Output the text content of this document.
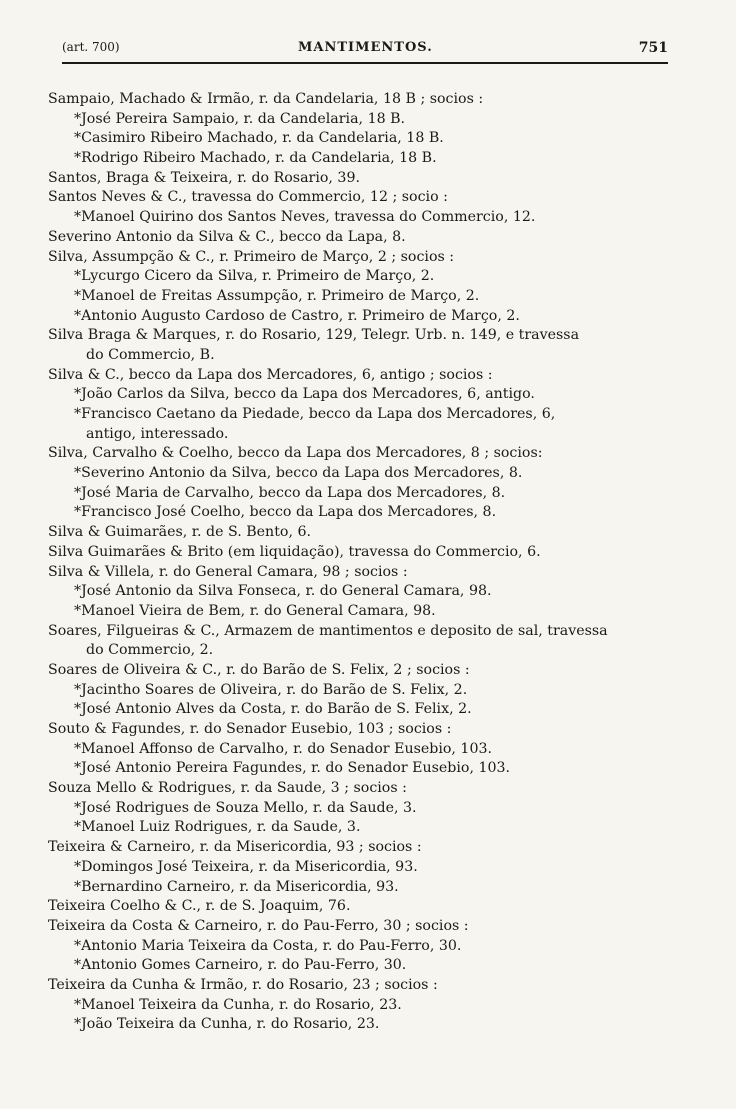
(art. 700)	MANTIMENTOS.	751
Sampaio, Machado & Irmão, r. da Candelaria, 18 B ; socios :
*José Pereira Sampaio, r. da Candelaria, 18 B.
*Casimiro Ribeiro Machado, r. da Candelaria, 18 B.
*Rodrigo Ribeiro Machado, r. da Candelaria, 18 B.
Santos, Braga & Teixeira, r. do Rosario, 39.
Santos Neves & C., travessa do Commercio, 12 ; socio :
*Manoel Quirino dos Santos Neves, travessa do Commercio, 12.
Severino Antonio da Silva & C., becco da Lapa, 8.
Silva, Assumpção & C., r. Primeiro de Março, 2 ; socios :
*Lycurgo Cicero da Silva, r. Primeiro de Março, 2.
*Manoel de Freitas Assumpção, r. Primeiro de Março, 2.
*Antonio Augusto Cardoso de Castro, r. Primeiro de Março, 2.
Silva Braga & Marques, r. do Rosario, 129, Telegr. Urb. n. 149, e travessa
do Commercio, B.
Silva & C., becco da Lapa dos Mercadores, 6, antigo ; socios :
*João Carlos da Silva, becco da Lapa dos Mercadores, 6, antigo.
*Francisco Caetano da Piedade, becco da Lapa dos Mercadores, 6,
antigo, interessado.
Silva, Carvalho & Coelho, becco da Lapa dos Mercadores, 8 ; socios:
*Severino Antonio da Silva, becco da Lapa dos Mercadores, 8.
*José Maria de Carvalho, becco da Lapa dos Mercadores, 8.
*Francisco José Coelho, becco da Lapa dos Mercadores, 8.
Silva & Guimarães, r. de S. Bento, 6.
Silva Guimarães & Brito (em liquidação), travessa do Commercio, 6.
Silva & Villela, r. do General Camara, 98 ; socios :
*José Antonio da Silva Fonseca, r. do General Camara, 98.
*Manoel Vieira de Bem, r. do General Camara, 98.
Soares, Filgueiras & C., Armazem de mantimentos e deposito de sal, travessa
do Commercio, 2.
Soares de Oliveira & C., r. do Barão de S. Felix, 2 ; socios :
*Jacintho Soares de Oliveira, r. do Barão de S. Felix, 2.
*José Antonio Alves da Costa, r. do Barão de S. Felix, 2.
Souto & Fagundes, r. do Senador Eusebio, 103 ; socios :
*Manoel Affonso de Carvalho, r. do Senador Eusebio, 103.
*José Antonio Pereira Fagundes, r. do Senador Eusebio, 103.
Souza Mello & Rodrigues, r. da Saude, 3 ; socios :
*José Rodrigues de Souza Mello, r. da Saude, 3.
*Manoel Luiz Rodrigues, r. da Saude, 3.
Teixeira & Carneiro, r. da Misericordia, 93 ; socios :
*Domingos José Teixeira, r. da Misericordia, 93.
*Bernardino Carneiro, r. da Misericordia, 93.
Teixeira Coelho & C., r. de S. Joaquim, 76.
Teixeira da Costa & Carneiro, r. do Pau-Ferro, 30 ; socios :
*Antonio Maria Teixeira da Costa, r. do Pau-Ferro, 30.
*Antonio Gomes Carneiro, r. do Pau-Ferro, 30.
Teixeira da Cunha & Irmão, r. do Rosario, 23 ; socios :
*Manoel Teixeira da Cunha, r. do Rosario, 23.
*João Teixeira da Cunha, r. do Rosario, 23.
